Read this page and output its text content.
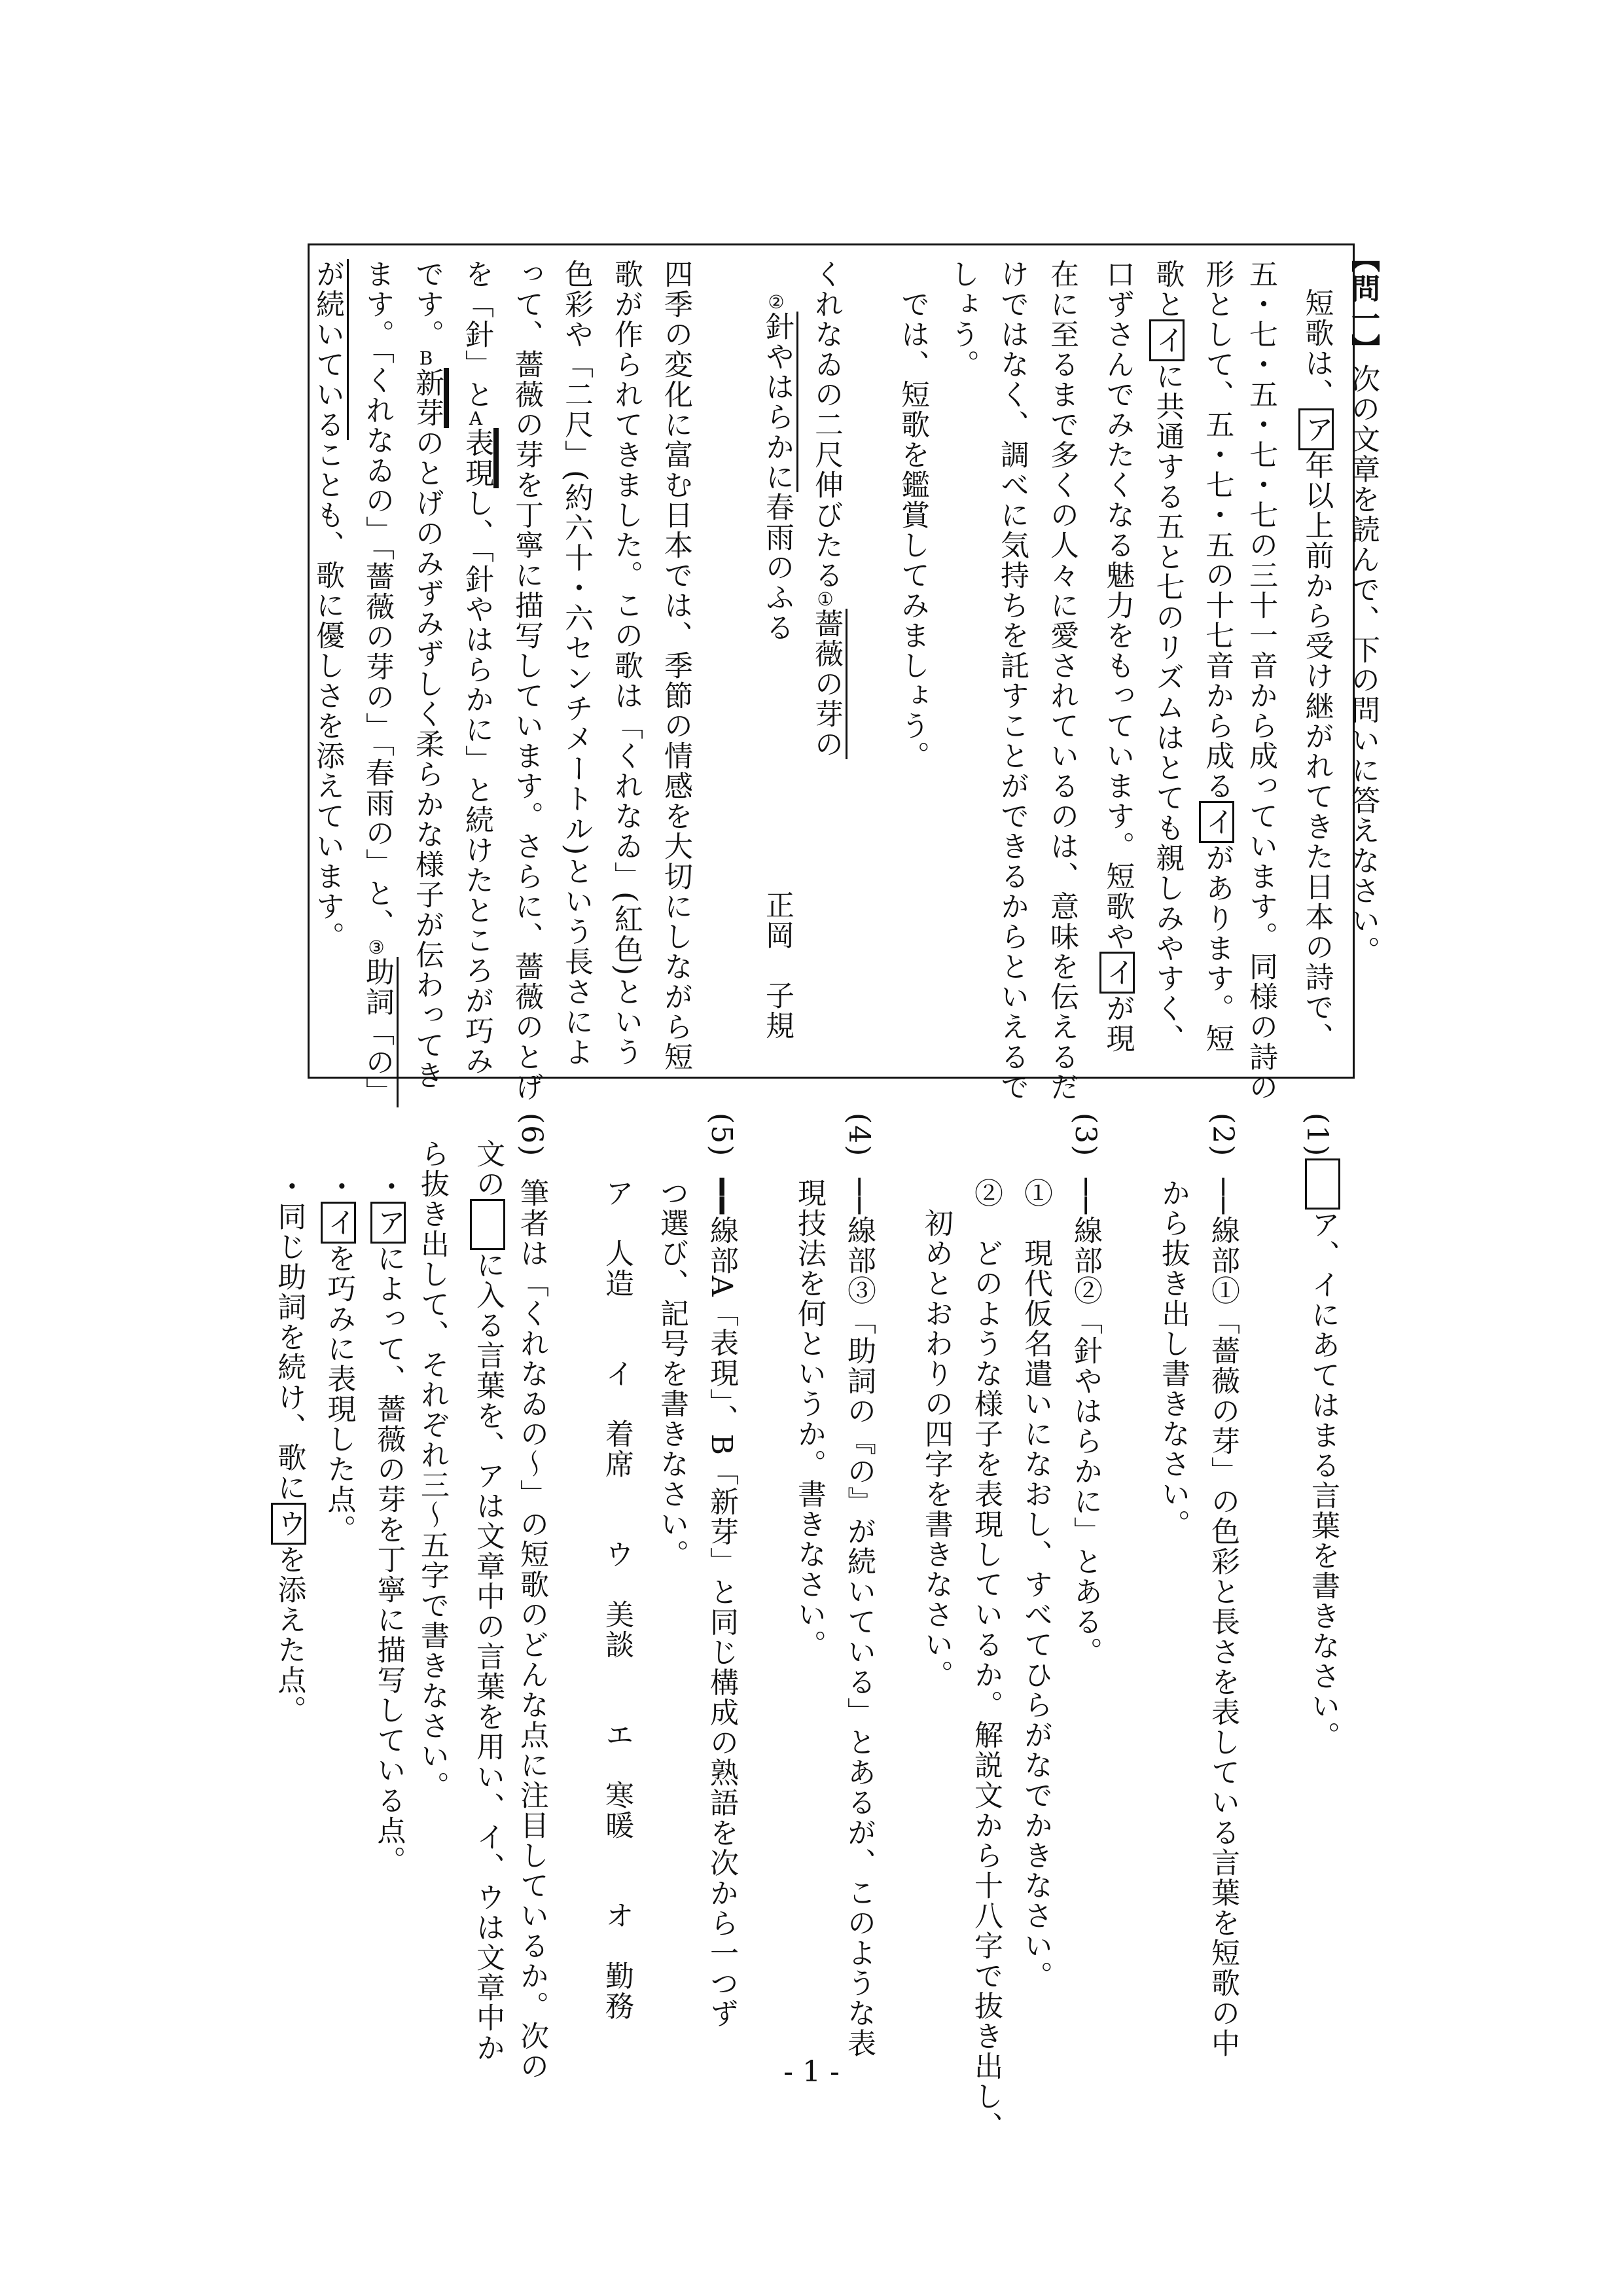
【問一】次の文章を読んで、下の問いに答えなさい。
短歌は、ア年以上前から受け継がれてきた日本の詩で、
五・七・五・七・七の三十一音から成っています。同様の詩の
形として、五・七・五の十七音から成るイがあります。短
歌とイに共通する五と七のリズムはとても親しみやすく、
口ずさんでみたくなる魅力をもっています。短歌やイが現
在に至るまで多くの人々に愛されているのは、意味を伝えるだ
けではなく、調べに気持ちを託すことができるからといえるで
しょう。
　では、短歌を鑑賞してみましょう。
くれなゐの二尺伸びたる①薔薇の芽の
②針やはらかに春雨のふる
正岡　子規
四季の変化に富む日本では、季節の情感を大切にしながら短
歌が作られてきました。この歌は「くれなゐ」(紅色)という
色彩や「二尺」(約六十・六センチメートル)という長さによ
って、薔薇の芽を丁寧に描写しています。さらに、薔薇のとげ
を「針」とA表現し、「針やはらかに」と続けたところが巧み
です。B新芽のとげのみずみずしく柔らかな様子が伝わってき
ます。「くれなゐの」「薔薇の芽の」「春雨の」と、③助詞「の」
が続いていることも、歌に優しさを添えています。
(1)
ア、イにあてはまる言葉を書きなさい。
(2)
──線部①「薔薇の芽」の色彩と長さを表している言葉を短歌の中
から抜き出し書きなさい。
(3)
──線部②「針やはらかに」とある。
①　現代仮名遣いになおし、すべてひらがなでかきなさい。
②　どのような様子を表現しているか。解説文から十八字で抜き出し、
　初めとおわりの四字を書きなさい。
(4)
──線部③「助詞の『の』が続いている」とあるが、このような表
現技法を何というか。書きなさい。
(5)
━━線部A「表現」、B「新芽」と同じ構成の熟語を次から一つず
つ選び、記号を書きなさい。
ア　人造　　イ　着席　　ウ　美談　　エ　寒暖　　オ　勤務
(6)
筆者は「くれなゐの〜」の短歌のどんな点に注目しているか。次の
文のに入る言葉を、アは文章中の言葉を用い、イ、ウは文章中か
ら抜き出して、それぞれ三〜五字で書きなさい。
・アによって、薔薇の芽を丁寧に描写している点。
・イを巧みに表現した点。
・同じ助詞を続け、歌にウを添えた点。
- 1 -
